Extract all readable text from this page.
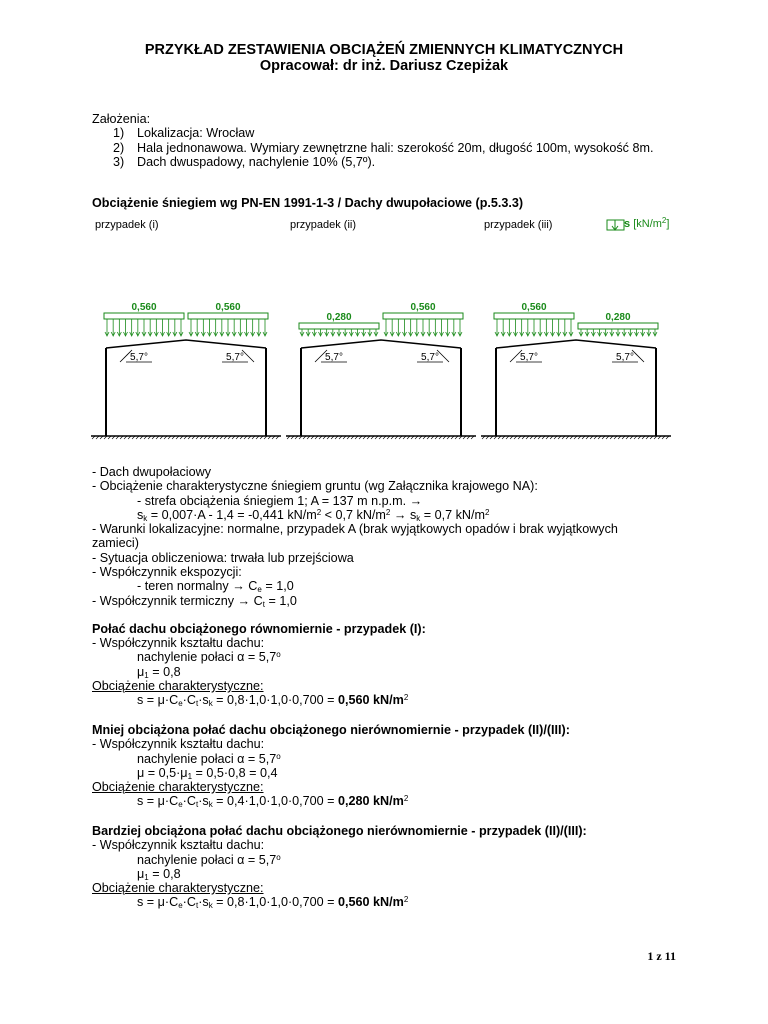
PRZYKŁAD ZESTAWIENIA OBCIĄŻEŃ ZMIENNYCH KLIMATYCZNYCH
Opracował: dr inż. Dariusz Czepiżak
Założenia:
1) Lokalizacja: Wrocław
2) Hala jednonawowa. Wymiary zewnętrzne hali: szerokość 20m, długość 100m, wysokość 8m.
3) Dach dwuspadowy, nachylenie 10% (5,7º).
Obciążenie śniegiem wg PN-EN 1991-1-3 / Dachy dwupołaciowe (p.5.3.3)
przypadek (i)	przypadek (ii)	przypadek (iii)	s $[kN/m^2]$
0,560	0,560
5,7°	5,7°
0,280
0,560
5,7°	5,7°
0,560
0,280
5,7°	5,7°
- Dach dwupołaciowy
- Obciążenie charakterystyczne śniegiem gruntu (wg Załącznika krajowego NA):
- strefa obciążenia śniegiem 1; A = 137 m n.p.m. →
$s_k = 0,007\cdot A - 1,4 = -0,441$ $kN/m^2 < 0,7$ $kN/m^2 \to s_k = 0,7$ $kN/m^2$
- Warunki lokalizacyjne: normalne, przypadek A (brak wyjątkowych opadów i brak wyjątkowych
zamieci)
- Sytuacja obliczeniowa: trwała lub przejściowa
- Współczynnik ekspozycji:
- teren normalny → $C_e = 1,0$
- Współczynnik termiczny → $C_t = 1,0$
Połać dachu obciążonego równomiernie - przypadek (I):
- Współczynnik kształtu dachu:
nachylenie połaci $\alpha = 5,7^o$
$\mu_1 = 0,8$
Obciążenie charakterystyczne:
$s = \mu\cdot C_e\cdot C_t\cdot s_k = 0,8\cdot 1,0\cdot 1,0\cdot 0,700 = 0,560$ $kN/m^2$
Mniej obciążona połać dachu obciążonego nierównomiernie - przypadek (II)/(III):
- Współczynnik kształtu dachu:
nachylenie połaci $\alpha = 5,7^o$
$\mu = 0,5\cdot\mu_1 = 0,5\cdot 0,8 = 0,4$
Obciążenie charakterystyczne:
$s = \mu\cdot C_e\cdot C_t\cdot s_k = 0,4\cdot 1,0\cdot 1,0\cdot 0,700 = 0,280$ $kN/m^2$
Bardziej obciążona połać dachu obciążonego nierównomiernie - przypadek (II)/(III):
- Współczynnik kształtu dachu:
nachylenie połaci $\alpha = 5,7^o$
$\mu_1 = 0,8$
Obciążenie charakterystyczne:
$s = \mu\cdot C_e\cdot C_t\cdot s_k = 0,8\cdot 1,0\cdot 1,0\cdot 0,700 = 0,560$ $kN/m^2$
1 z 11
